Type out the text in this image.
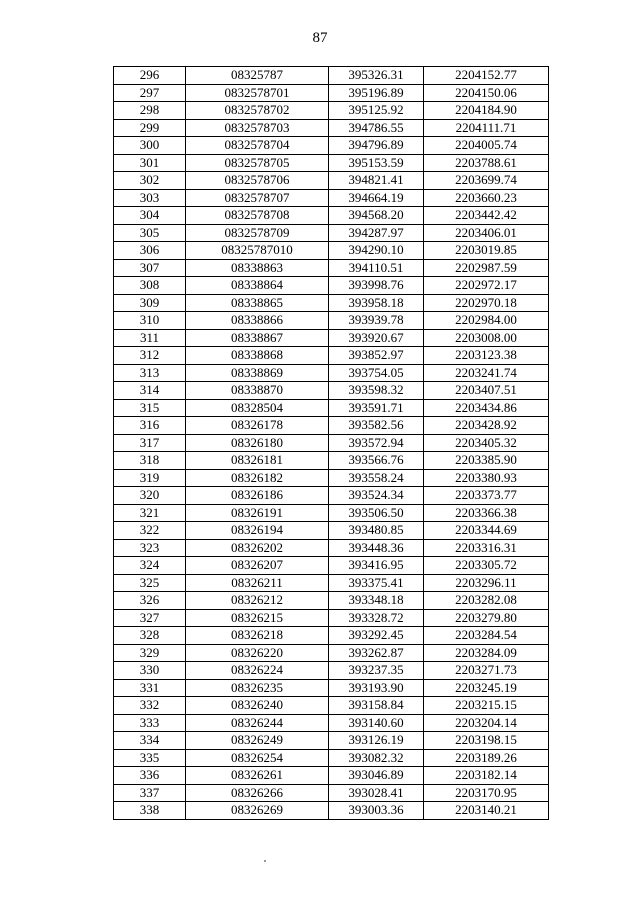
87
296	08325787	395326.31	2204152.77
297	0832578701	395196.89	2204150.06
298	0832578702	395125.92	2204184.90
299	0832578703	394786.55	2204111.71
300	0832578704	394796.89	2204005.74
301	0832578705	395153.59	2203788.61
302	0832578706	394821.41	2203699.74
303	0832578707	394664.19	2203660.23
304	0832578708	394568.20	2203442.42
305	0832578709	394287.97	2203406.01
306	08325787010	394290.10	2203019.85
307	08338863	394110.51	2202987.59
308	08338864	393998.76	2202972.17
309	08338865	393958.18	2202970.18
310	08338866	393939.78	2202984.00
311	08338867	393920.67	2203008.00
312	08338868	393852.97	2203123.38
313	08338869	393754.05	2203241.74
314	08338870	393598.32	2203407.51
315	08328504	393591.71	2203434.86
316	08326178	393582.56	2203428.92
317	08326180	393572.94	2203405.32
318	08326181	393566.76	2203385.90
319	08326182	393558.24	2203380.93
320	08326186	393524.34	2203373.77
321	08326191	393506.50	2203366.38
322	08326194	393480.85	2203344.69
323	08326202	393448.36	2203316.31
324	08326207	393416.95	2203305.72
325	08326211	393375.41	2203296.11
326	08326212	393348.18	2203282.08
327	08326215	393328.72	2203279.80
328	08326218	393292.45	2203284.54
329	08326220	393262.87	2203284.09
330	08326224	393237.35	2203271.73
331	08326235	393193.90	2203245.19
332	08326240	393158.84	2203215.15
333	08326244	393140.60	2203204.14
334	08326249	393126.19	2203198.15
335	08326254	393082.32	2203189.26
336	08326261	393046.89	2203182.14
337	08326266	393028.41	2203170.95
338	08326269	393003.36	2203140.21
